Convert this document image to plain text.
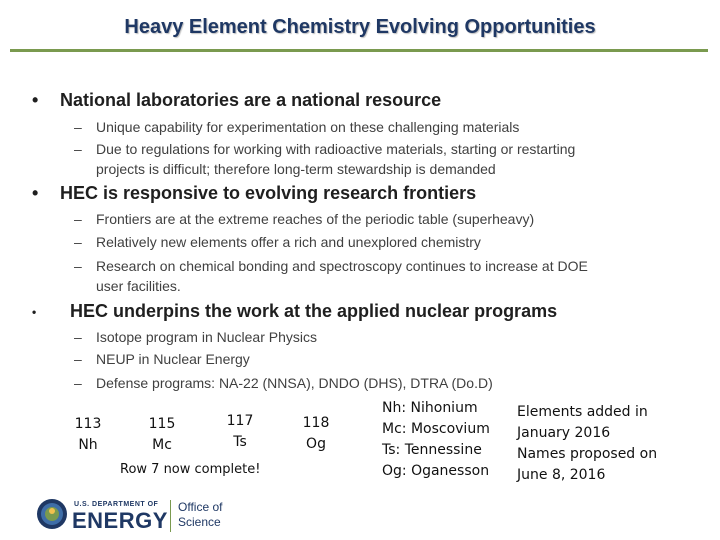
Heavy Element Chemistry Evolving Opportunities
• National laboratories are a national resource
– Unique capability for experimentation on these challenging materials
– Due to regulations for working with radioactive materials, starting or restarting
projects is difficult; therefore long-term stewardship is demanded
• HEC is responsive to evolving research frontiers
– Frontiers are at the extreme reaches of the periodic table (superheavy)
– Relatively new elements offer a rich and unexplored chemistry
– Research on chemical bonding and spectroscopy continues to increase at DOE
user facilities.
• HEC underpins the work at the applied nuclear programs
– Isotope program in Nuclear Physics
– NEUP in Nuclear Energy
– Defense programs: NA-22 (NNSA), DNDO (DHS), DTRA (Do.D)
113
Nh
115
Mc
117
Ts
118
Og
Row 7 now complete!
Nh: Nihonium
Mc: Moscovium
Ts: Tennessine
Og: Oganesson
Elements added in
January 2016
Names proposed on
June 8, 2016
U.S. DEPARTMENT OF
ENERGY
Office of
Science
